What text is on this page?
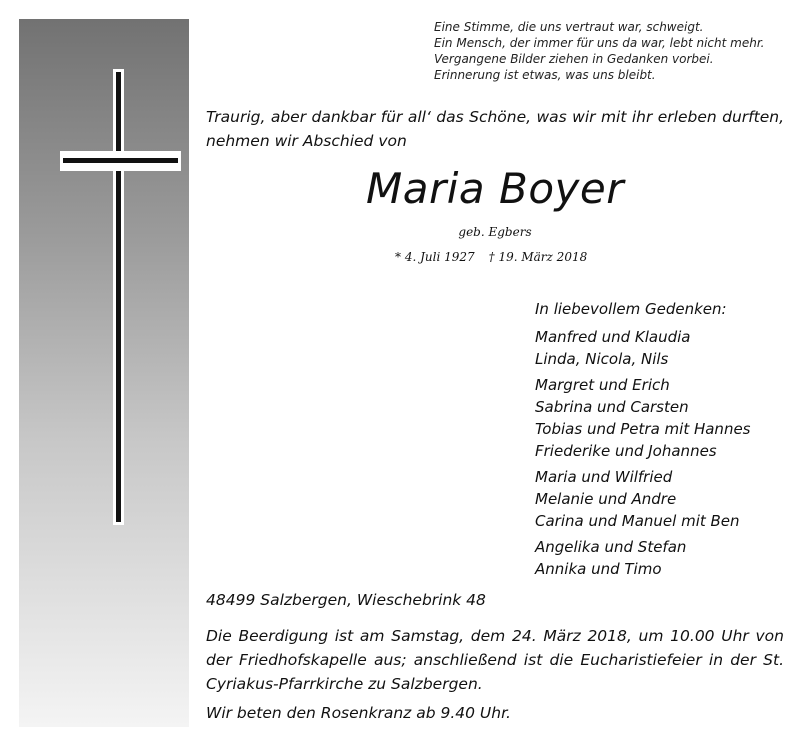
Eine Stimme, die uns vertraut war, schweigt.
Ein Mensch, der immer für uns da war, lebt nicht mehr.
Vergangene Bilder ziehen in Gedanken vorbei.
Erinnerung ist etwas, was uns bleibt.
Traurig, aber dankbar für all‘ das Schöne, was wir mit ihr erleben durften, nehmen wir Abschied von
Maria Boyer
geb. Egbers
* 4. Juli 1927 † 19. März 2018
In liebevollem Gedenken:
Manfred und Klaudia
Linda, Nicola, Nils
Margret und Erich
Sabrina und Carsten
Tobias und Petra mit Hannes
Friederike und Johannes
Maria und Wilfried
Melanie und Andre
Carina und Manuel mit Ben
Angelika und Stefan
Annika und Timo
48499 Salzbergen, Wieschebrink 48
Die Beerdigung ist am Samstag, dem 24. März 2018, um 10.00 Uhr von der Friedhofskapelle aus; anschließend ist die Eucharistiefeier in der St. Cyriakus-Pfarrkirche zu Salzbergen.
Wir beten den Rosenkranz ab 9.40 Uhr.
